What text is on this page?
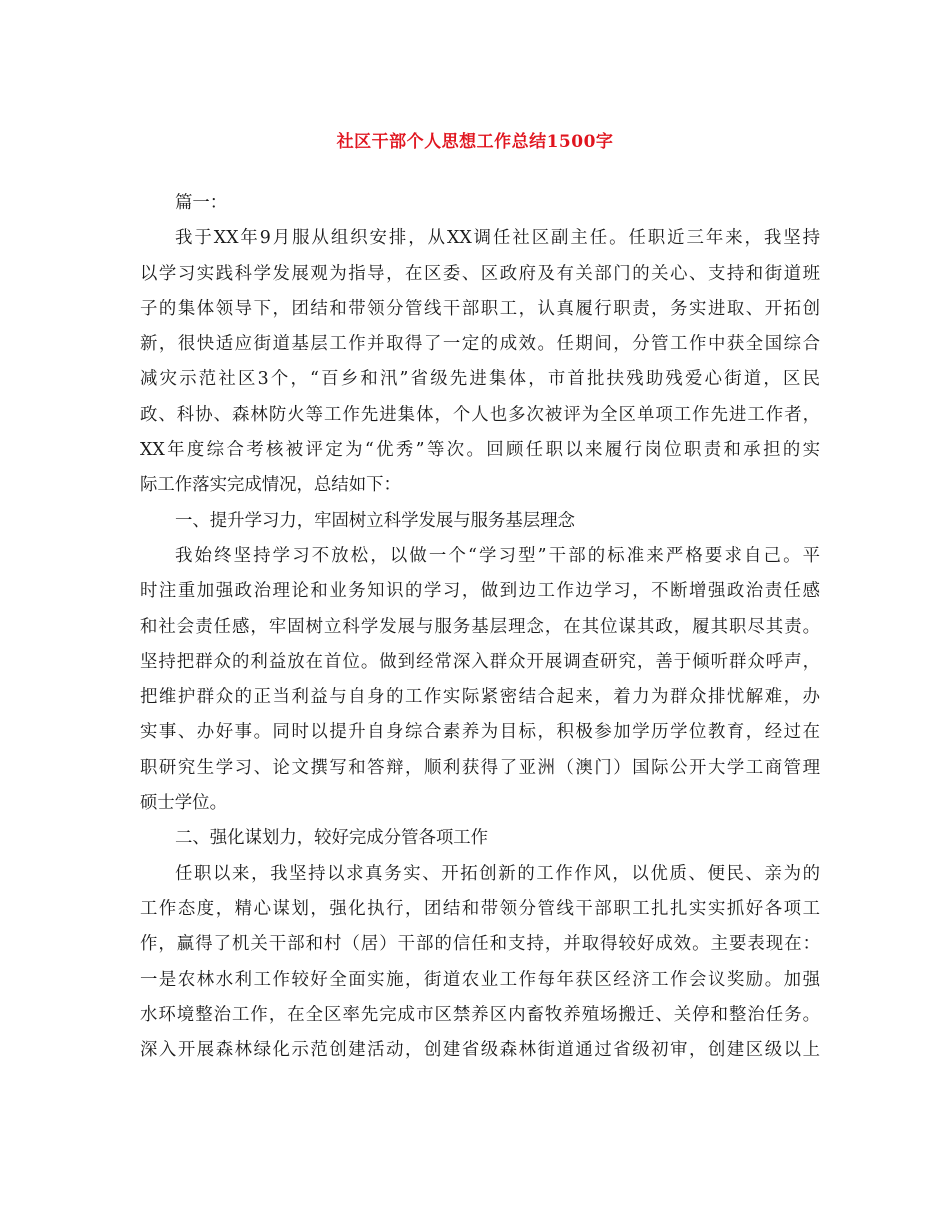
社区干部个人思想工作总结1500字
篇一：
我于XX年9月服从组织安排，从XX调任社区副主任。任职近三年来，我坚持
以学习实践科学发展观为指导，在区委、区政府及有关部门的关心、支持和街道班
子的集体领导下，团结和带领分管线干部职工，认真履行职责，务实进取、开拓创
新，很快适应街道基层工作并取得了一定的成效。任期间，分管工作中获全国综合
减灾示范社区3个，“百乡和汛”省级先进集体，市首批扶残助残爱心街道，区民
政、科协、森林防火等工作先进集体，个人也多次被评为全区单项工作先进工作者，
XX年度综合考核被评定为“优秀”等次。回顾任职以来履行岗位职责和承担的实
际工作落实完成情况，总结如下：
一、提升学习力，牢固树立科学发展与服务基层理念
我始终坚持学习不放松，以做一个“学习型”干部的标准来严格要求自己。平
时注重加强政治理论和业务知识的学习，做到边工作边学习，不断增强政治责任感
和社会责任感，牢固树立科学发展与服务基层理念，在其位谋其政，履其职尽其责。
坚持把群众的利益放在首位。做到经常深入群众开展调查研究，善于倾听群众呼声，
把维护群众的正当利益与自身的工作实际紧密结合起来，着力为群众排忧解难，办
实事、办好事。同时以提升自身综合素养为目标，积极参加学历学位教育，经过在
职研究生学习、论文撰写和答辩，顺利获得了亚洲（澳门）国际公开大学工商管理
硕士学位。
二、强化谋划力，较好完成分管各项工作
任职以来，我坚持以求真务实、开拓创新的工作作风，以优质、便民、亲为的
工作态度，精心谋划，强化执行，团结和带领分管线干部职工扎扎实实抓好各项工
作，赢得了机关干部和村（居）干部的信任和支持，并取得较好成效。主要表现在：
一是农林水利工作较好全面实施，街道农业工作每年获区经济工作会议奖励。加强
水环境整治工作，在全区率先完成市区禁养区内畜牧养殖场搬迁、关停和整治任务。
深入开展森林绿化示范创建活动，创建省级森林街道通过省级初审，创建区级以上
